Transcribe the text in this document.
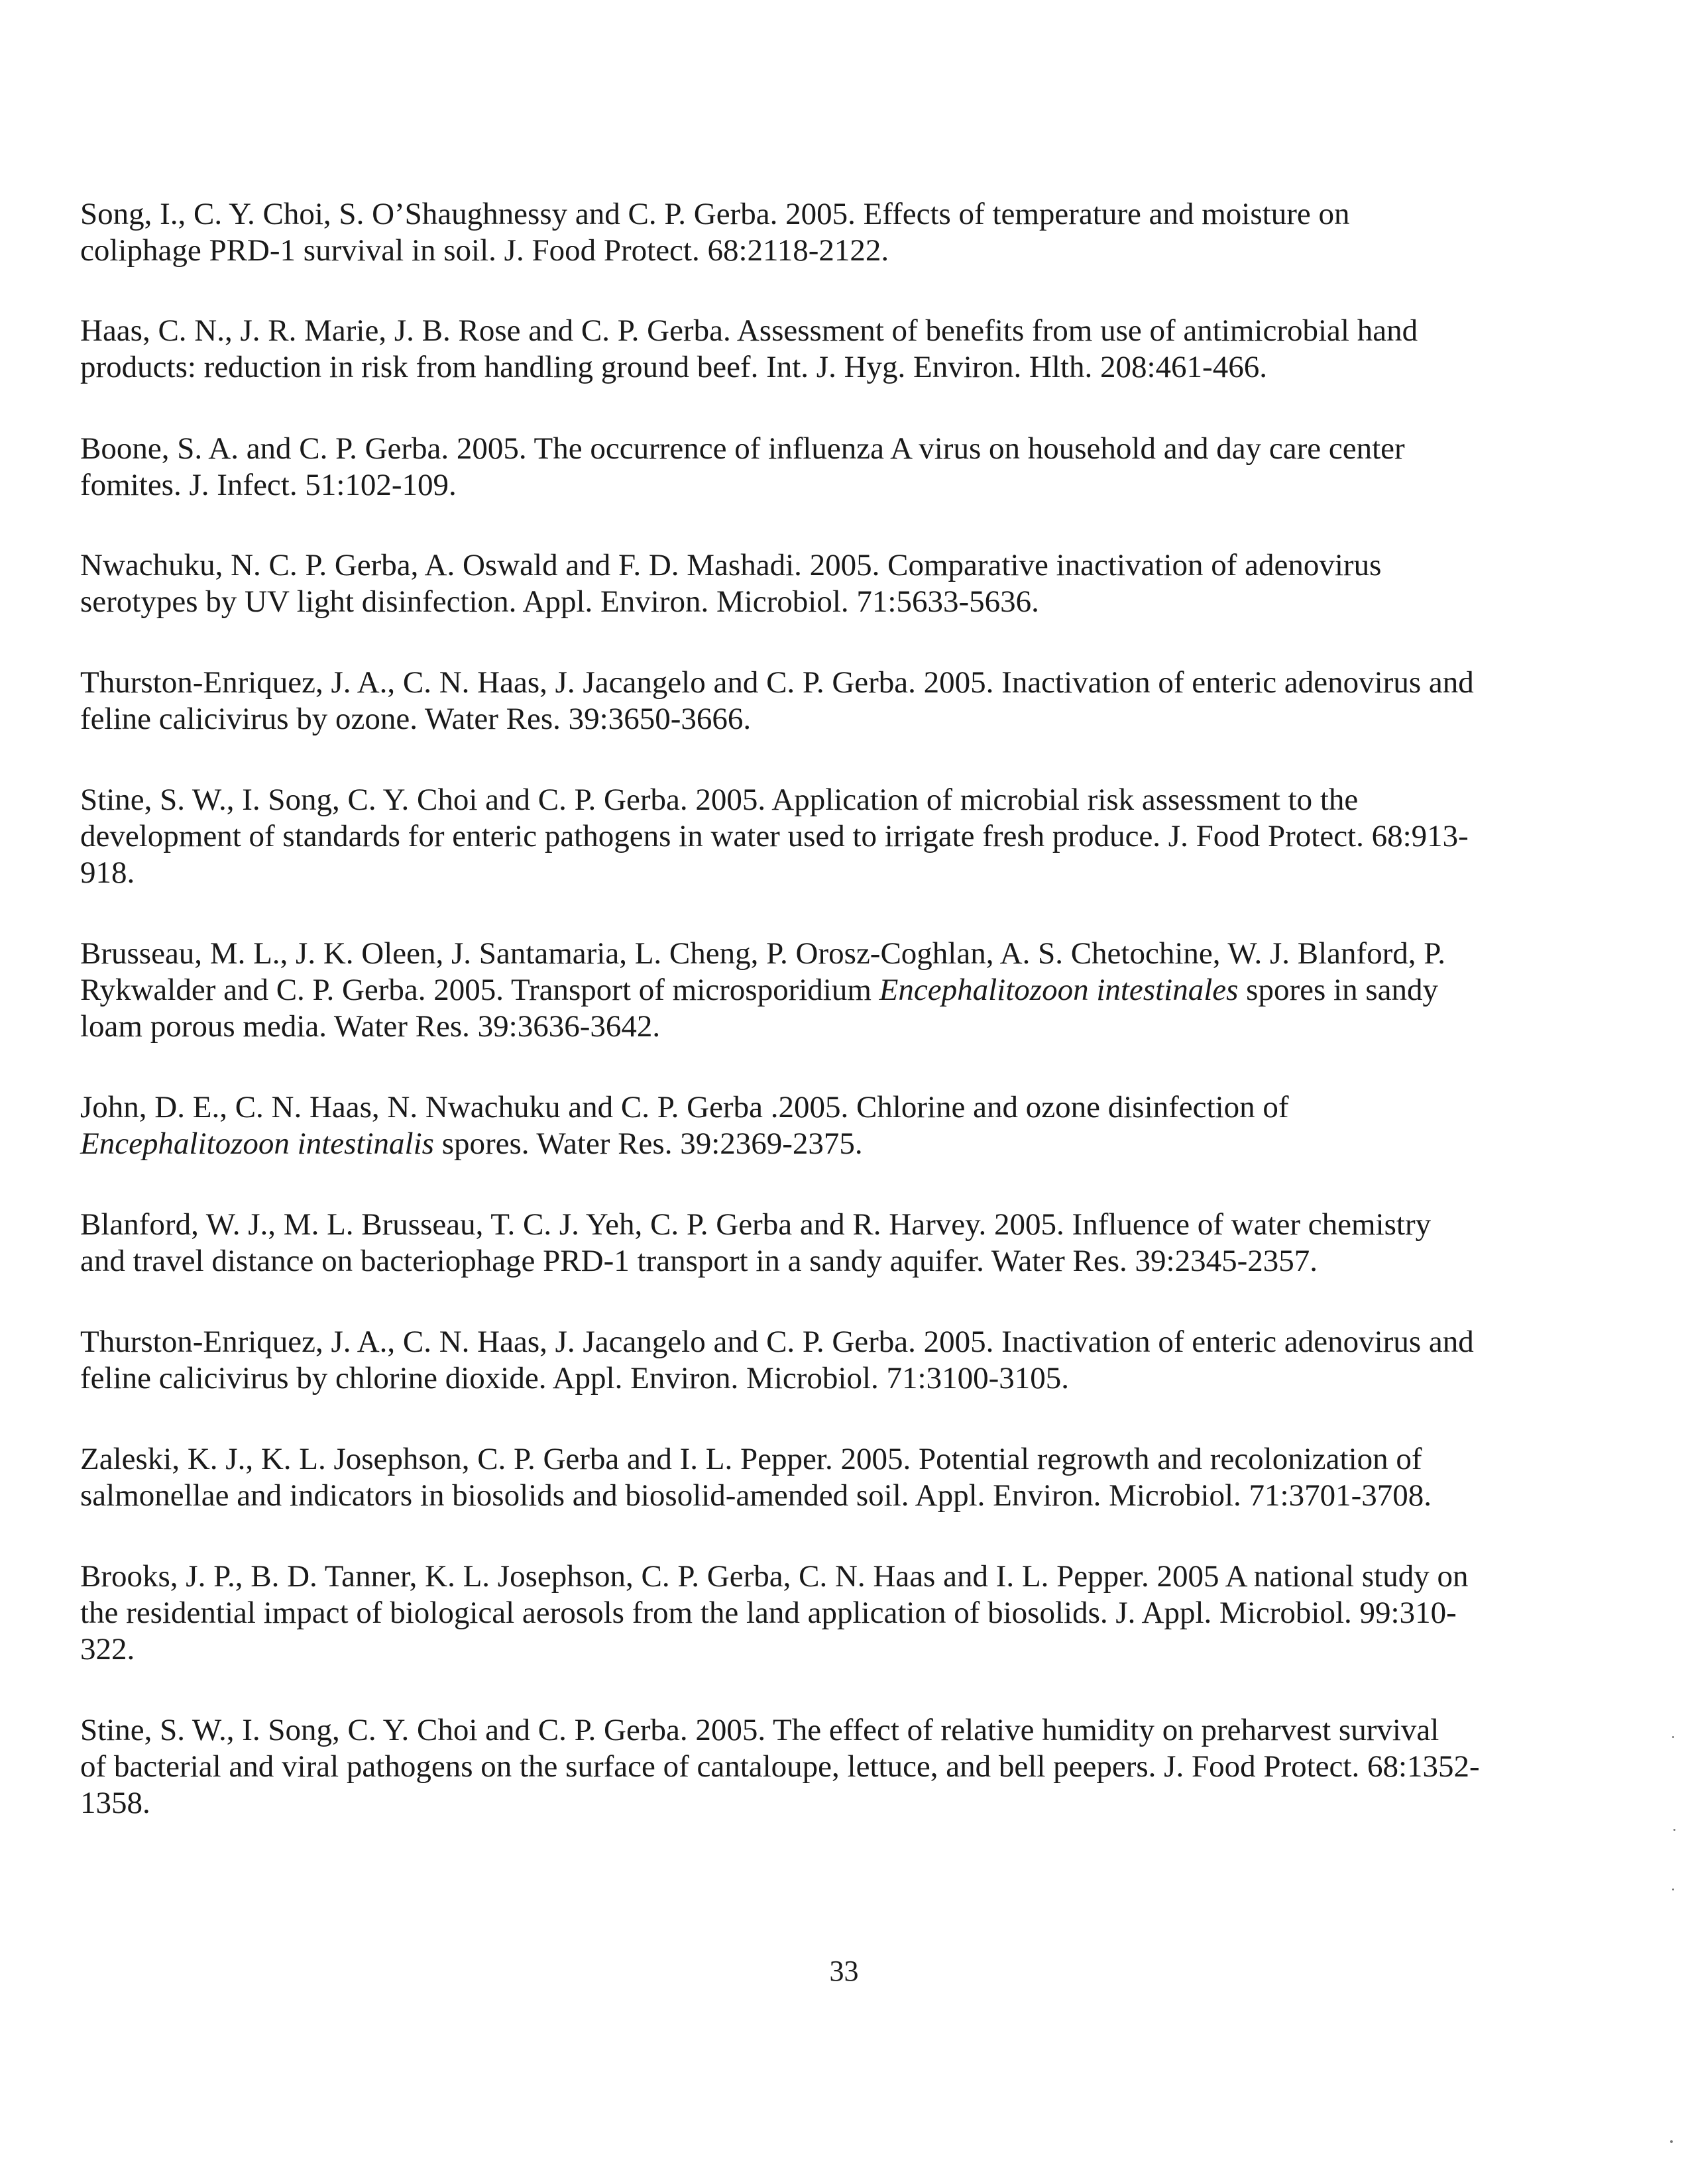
Song, I., C. Y. Choi, S. O’Shaughnessy and C. P. Gerba. 2005. Effects of temperature and moisture on
coliphage PRD-1 survival in soil. J. Food Protect. 68:2118-2122.

Haas, C. N., J. R. Marie, J. B. Rose and C. P. Gerba. Assessment of benefits from use of antimicrobial hand
products: reduction in risk from handling ground beef. Int. J. Hyg. Environ. Hlth. 208:461-466.

Boone, S. A. and C. P. Gerba. 2005. The occurrence of influenza A virus on household and day care center
fomites. J. Infect. 51:102-109.

Nwachuku, N. C. P. Gerba, A. Oswald and F. D. Mashadi. 2005. Comparative inactivation of adenovirus
serotypes by UV light disinfection. Appl. Environ. Microbiol. 71:5633-5636.

Thurston-Enriquez, J. A., C. N. Haas, J. Jacangelo and C. P. Gerba. 2005. Inactivation of enteric adenovirus and
feline calicivirus by ozone. Water Res. 39:3650-3666.

Stine, S. W., I. Song, C. Y. Choi and C. P. Gerba. 2005. Application of microbial risk assessment to the
development of standards for enteric pathogens in water used to irrigate fresh produce. J. Food Protect. 68:913-
918.

Brusseau, M. L., J. K. Oleen, J. Santamaria, L. Cheng, P. Orosz-Coghlan, A. S. Chetochine, W. J. Blanford, P.
Rykwalder and C. P. Gerba. 2005. Transport of microsporidium Encephalitozoon intestinales spores in sandy
loam porous media. Water Res. 39:3636-3642.

John, D. E., C. N. Haas, N. Nwachuku and C. P. Gerba .2005. Chlorine and ozone disinfection of
Encephalitozoon intestinalis spores. Water Res. 39:2369-2375.

Blanford, W. J., M. L. Brusseau, T. C. J. Yeh, C. P. Gerba and R. Harvey. 2005. Influence of water chemistry
and travel distance on bacteriophage PRD-1 transport in a sandy aquifer. Water Res. 39:2345-2357.

Thurston-Enriquez, J. A., C. N. Haas, J. Jacangelo and C. P. Gerba. 2005. Inactivation of enteric adenovirus and
feline calicivirus by chlorine dioxide. Appl. Environ. Microbiol. 71:3100-3105.

Zaleski, K. J., K. L. Josephson, C. P. Gerba and I. L. Pepper. 2005. Potential regrowth and recolonization of
salmonellae and indicators in biosolids and biosolid-amended soil. Appl. Environ. Microbiol. 71:3701-3708.

Brooks, J. P., B. D. Tanner, K. L. Josephson, C. P. Gerba, C. N. Haas and I. L. Pepper. 2005 A national study on
the residential impact of biological aerosols from the land application of biosolids. J. Appl. Microbiol. 99:310-
322.

Stine, S. W., I. Song, C. Y. Choi and C. P. Gerba. 2005. The effect of relative humidity on preharvest survival
of bacterial and viral pathogens on the surface of cantaloupe, lettuce, and bell peepers. J. Food Protect. 68:1352-
1358.

33
